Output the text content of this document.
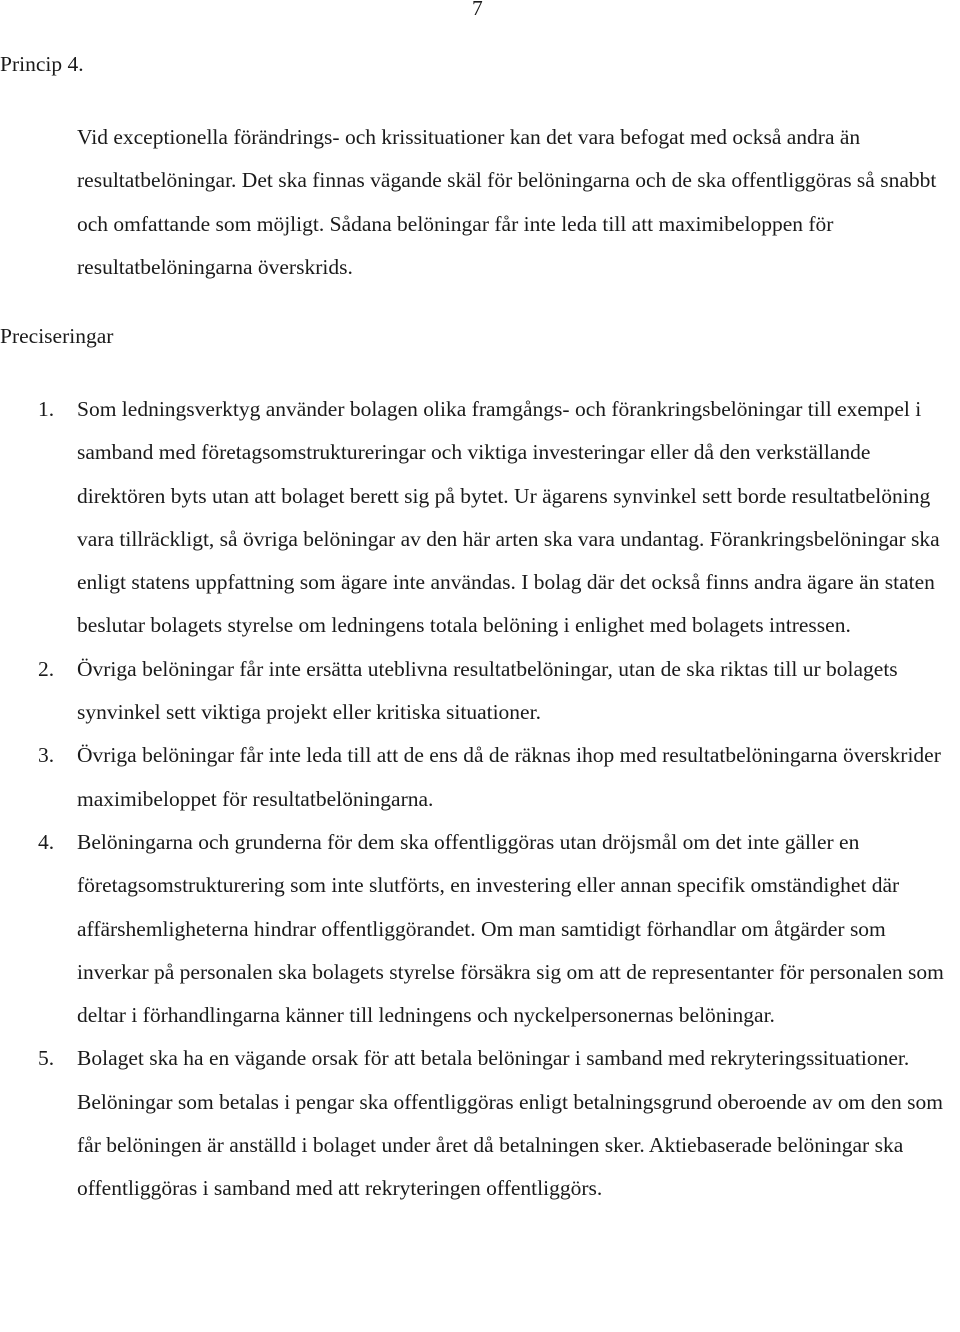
7
Princip 4.

Vid exceptionella förändrings- och krissituationer kan det vara befogat med också andra än resultatbelöningar. Det ska finnas vägande skäl för belöningarna och de ska offentliggöras så snabbt och omfattande som möjligt. Sådana belöningar får inte leda till att maximibeloppen för resultatbelöningarna överskrids.

Preciseringar
1. Som ledningsverktyg använder bolagen olika framgångs- och förankringsbelöningar till exempel i samband med företagsomstruktureringar och viktiga investeringar eller då den verkställande direktören byts utan att bolaget berett sig på bytet. Ur ägarens synvinkel sett borde resultatbelöning vara tillräckligt, så övriga belöningar av den här arten ska vara undantag. Förankringsbelöningar ska enligt statens uppfattning som ägare inte användas. I bolag där det också finns andra ägare än staten beslutar bolagets styrelse om ledningens totala belöning i enlighet med bolagets intressen.
2. Övriga belöningar får inte ersätta uteblivna resultatbelöningar, utan de ska riktas till ur bolagets synvinkel sett viktiga projekt eller kritiska situationer.
3. Övriga belöningar får inte leda till att de ens då de räknas ihop med resultatbelöningarna överskrider maximibeloppet för resultatbelöningarna.
4. Belöningarna och grunderna för dem ska offentliggöras utan dröjsmål om det inte gäller en företagsomstrukturering som inte slutförts, en investering eller annan specifik omständighet där affärshemligheterna hindrar offentliggörandet. Om man samtidigt förhandlar om åtgärder som inverkar på personalen ska bolagets styrelse försäkra sig om att de representanter för personalen som deltar i förhandlingarna känner till ledningens och nyckelpersonernas belöningar.
5. Bolaget ska ha en vägande orsak för att betala belöningar i samband med rekryteringssituationer. Belöningar som betalas i pengar ska offentliggöras enligt betalningsgrund oberoende av om den som får belöningen är anställd i bolaget under året då betalningen sker. Aktiebaserade belöningar ska offentliggöras i samband med att rekryteringen offentliggörs.
